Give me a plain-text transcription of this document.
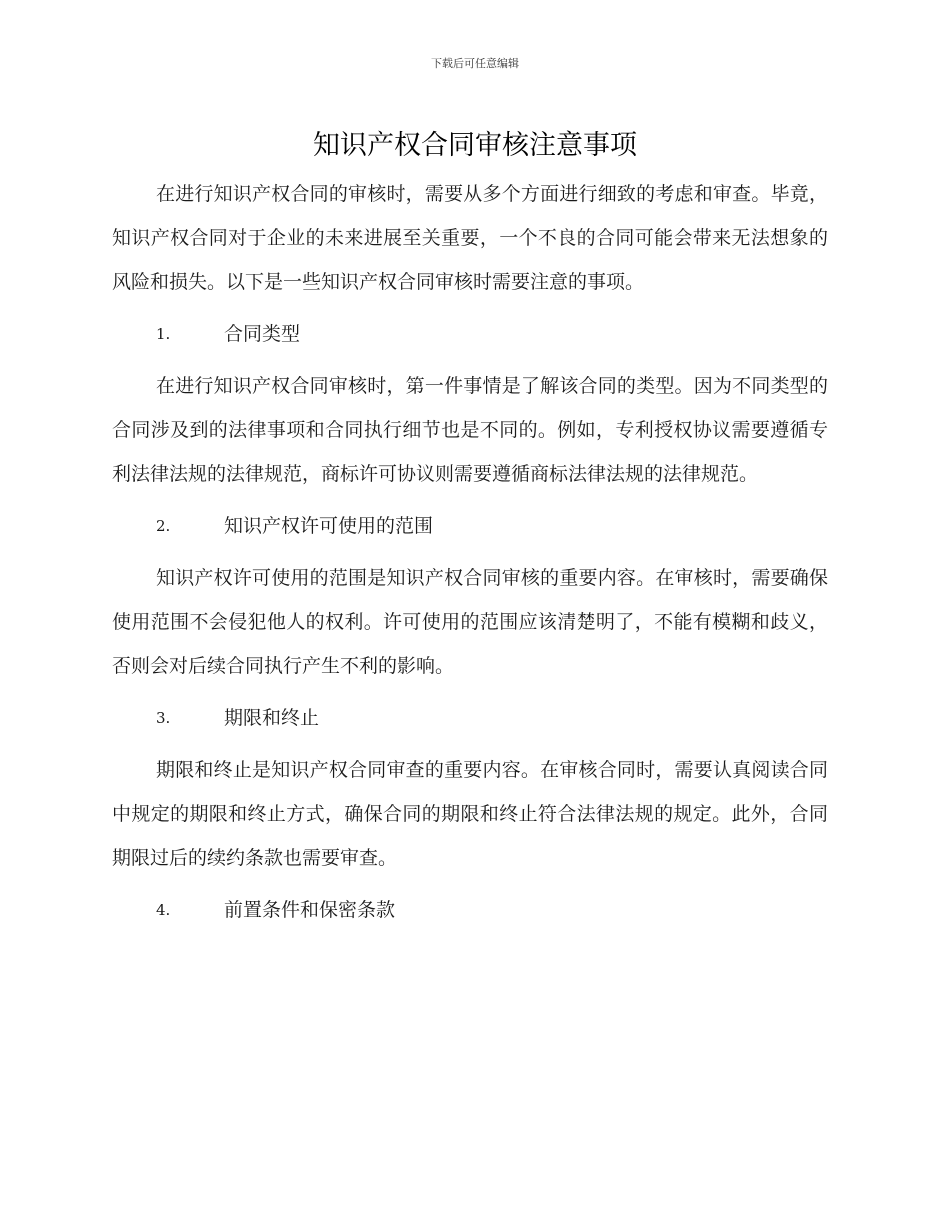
下载后可任意编辑
知识产权合同审核注意事项

在进行知识产权合同的审核时，需要从多个方面进行细致的考虑和审查。毕竟，知识产权合同对于企业的未来进展至关重要，一个不良的合同可能会带来无法想象的风险和损失。以下是一些知识产权合同审核时需要注意的事项。

1.	合同类型

在进行知识产权合同审核时，第一件事情是了解该合同的类型。因为不同类型的合同涉及到的法律事项和合同执行细节也是不同的。例如，专利授权协议需要遵循专利法律法规的法律规范，商标许可协议则需要遵循商标法律法规的法律规范。

2.	知识产权许可使用的范围

知识产权许可使用的范围是知识产权合同审核的重要内容。在审核时，需要确保使用范围不会侵犯他人的权利。许可使用的范围应该清楚明了，不能有模糊和歧义，否则会对后续合同执行产生不利的影响。

3.	期限和终止

期限和终止是知识产权合同审查的重要内容。在审核合同时，需要认真阅读合同中规定的期限和终止方式，确保合同的期限和终止符合法律法规的规定。此外，合同期限过后的续约条款也需要审查。

4.	前置条件和保密条款
